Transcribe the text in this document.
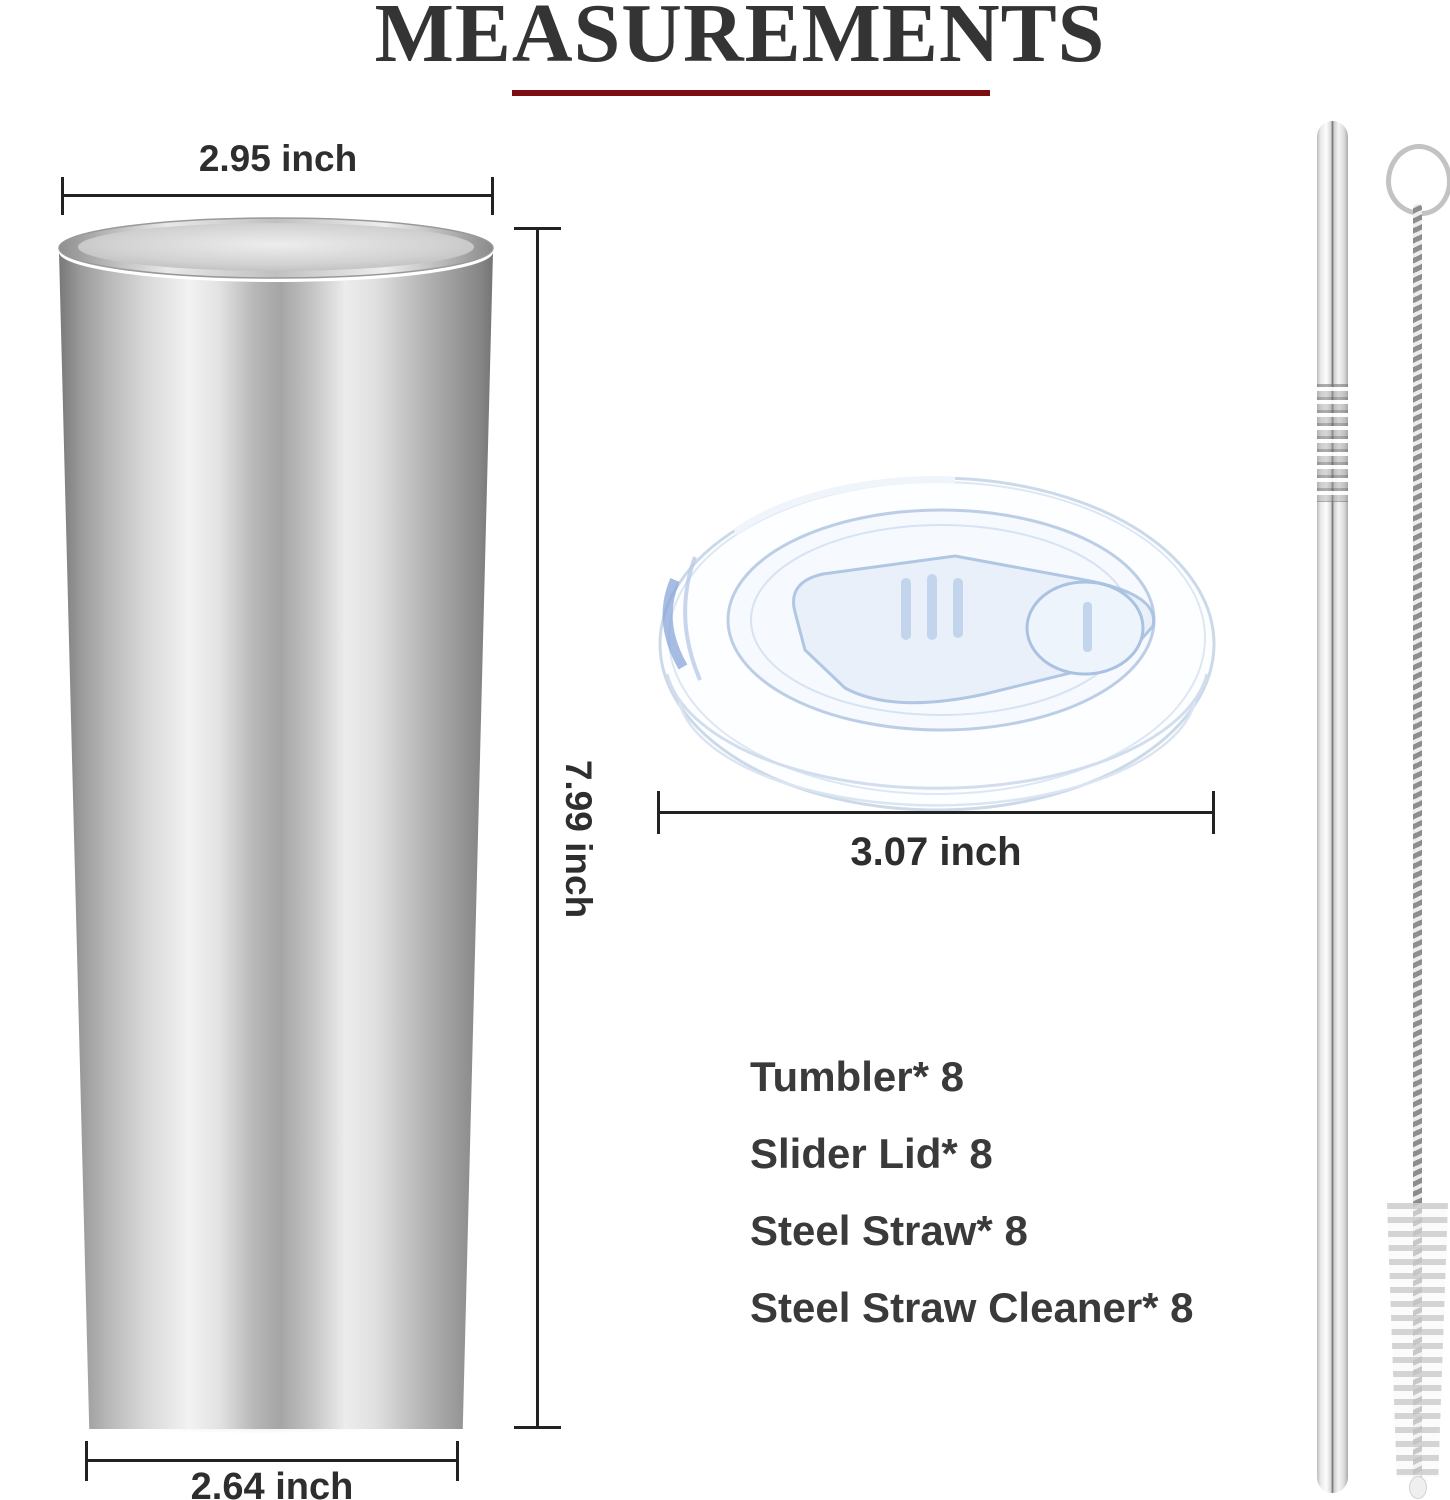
MEASUREMENTS
2.95 inch
7.99 inch	3.07 inch
2.64 inch
Tumbler* 8
Slider Lid* 8
Steel Straw* 8
Steel Straw Cleaner* 8
